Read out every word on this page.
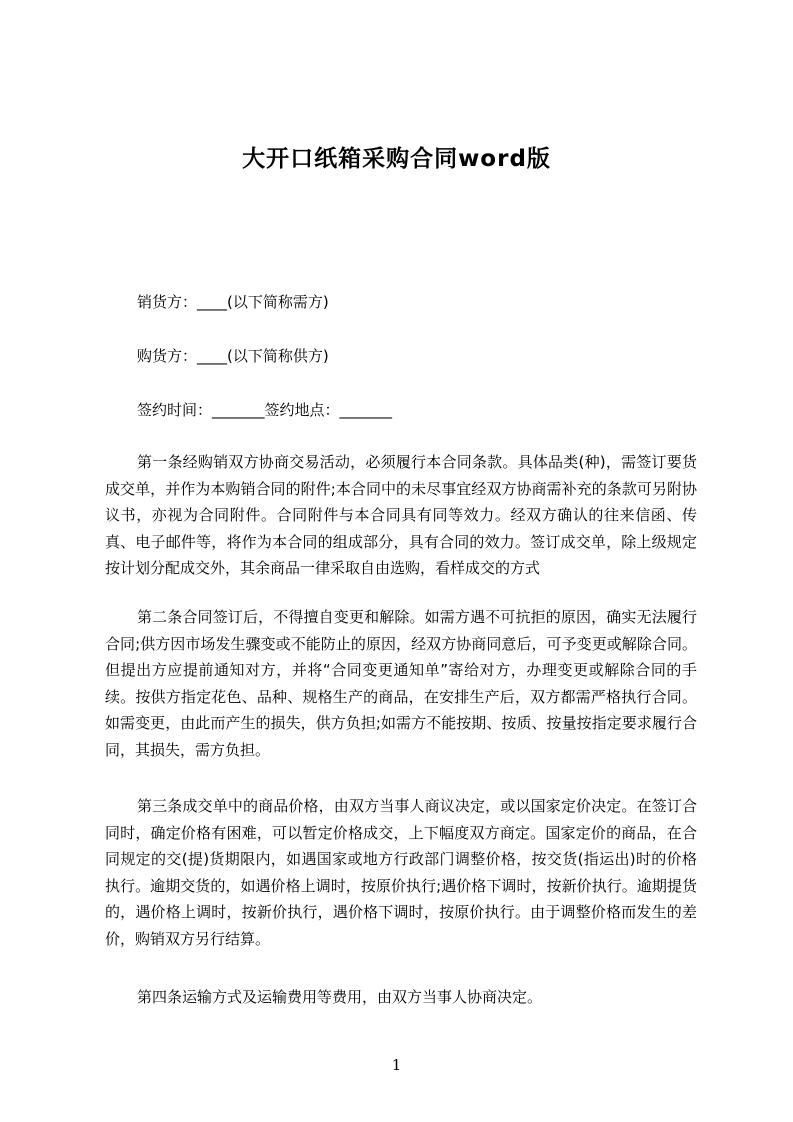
大开口纸箱采购合同word版
销货方：____(以下简称需方)
购货方：____(以下简称供方)
签约时间：_______签约地点：_______
第一条经购销双方协商交易活动，必须履行本合同条款。具体品类(种)，需签订要货成交单，并作为本购销合同的附件;本合同中的未尽事宜经双方协商需补充的条款可另附协议书，亦视为合同附件。合同附件与本合同具有同等效力。经双方确认的往来信函、传真、电子邮件等，将作为本合同的组成部分，具有合同的效力。签订成交单，除上级规定按计划分配成交外，其余商品一律采取自由选购，看样成交的方式
第二条合同签订后，不得擅自变更和解除。如需方遇不可抗拒的原因，确实无法履行合同;供方因市场发生骤变或不能防止的原因，经双方协商同意后，可予变更或解除合同。但提出方应提前通知对方，并将“合同变更通知单”寄给对方，办理变更或解除合同的手续。按供方指定花色、品种、规格生产的商品，在安排生产后，双方都需严格执行合同。如需变更，由此而产生的损失，供方负担;如需方不能按期、按质、按量按指定要求履行合同，其损失，需方负担。
第三条成交单中的商品价格，由双方当事人商议决定，或以国家定价决定。在签订合同时，确定价格有困难，可以暂定价格成交，上下幅度双方商定。国家定价的商品，在合同规定的交(提)货期限内，如遇国家或地方行政部门调整价格，按交货(指运出)时的价格执行。逾期交货的，如遇价格上调时，按原价执行;遇价格下调时，按新价执行。逾期提货的，遇价格上调时，按新价执行，遇价格下调时，按原价执行。由于调整价格而发生的差价，购销双方另行结算。
第四条运输方式及运输费用等费用，由双方当事人协商决定。
1
